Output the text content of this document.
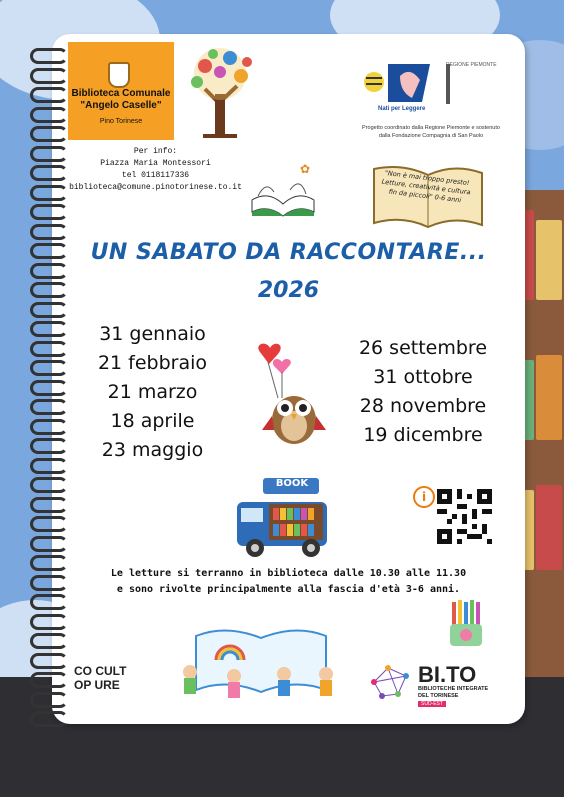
Biblioteca Comunale
"Angelo Caselle"
Pino Torinese
Per info:
Piazza Maria Montessori
tel 0118117336
biblioteca@comune.pinotorinese.to.it
Nati per Leggere
REGIONE PIEMONTE
Progetto coordinato dalla Regione Piemonte e sostenuto dalla Fondazione Compagnia di San Paolo
✿	"Non è mai troppo presto! Letture, creatività e cultura fin da piccoli" 0-6 anni
UN SABATO DA RACCONTARE...
2026
31 gennaio
21 febbraio
21 marzo
18 aprile
23 maggio
26 settembre
31 ottobre
28 novembre
19 dicembre
BOOK
i
Le letture si terranno in biblioteca dalle 10.30 alle 11.30
e sono rivolte principalmente alla fascia d'età 3-6 anni.
CO CULT
OP URE	BI.TO
BIBLIOTECHE INTEGRATE
DEL TORINESE
SUD-EST
